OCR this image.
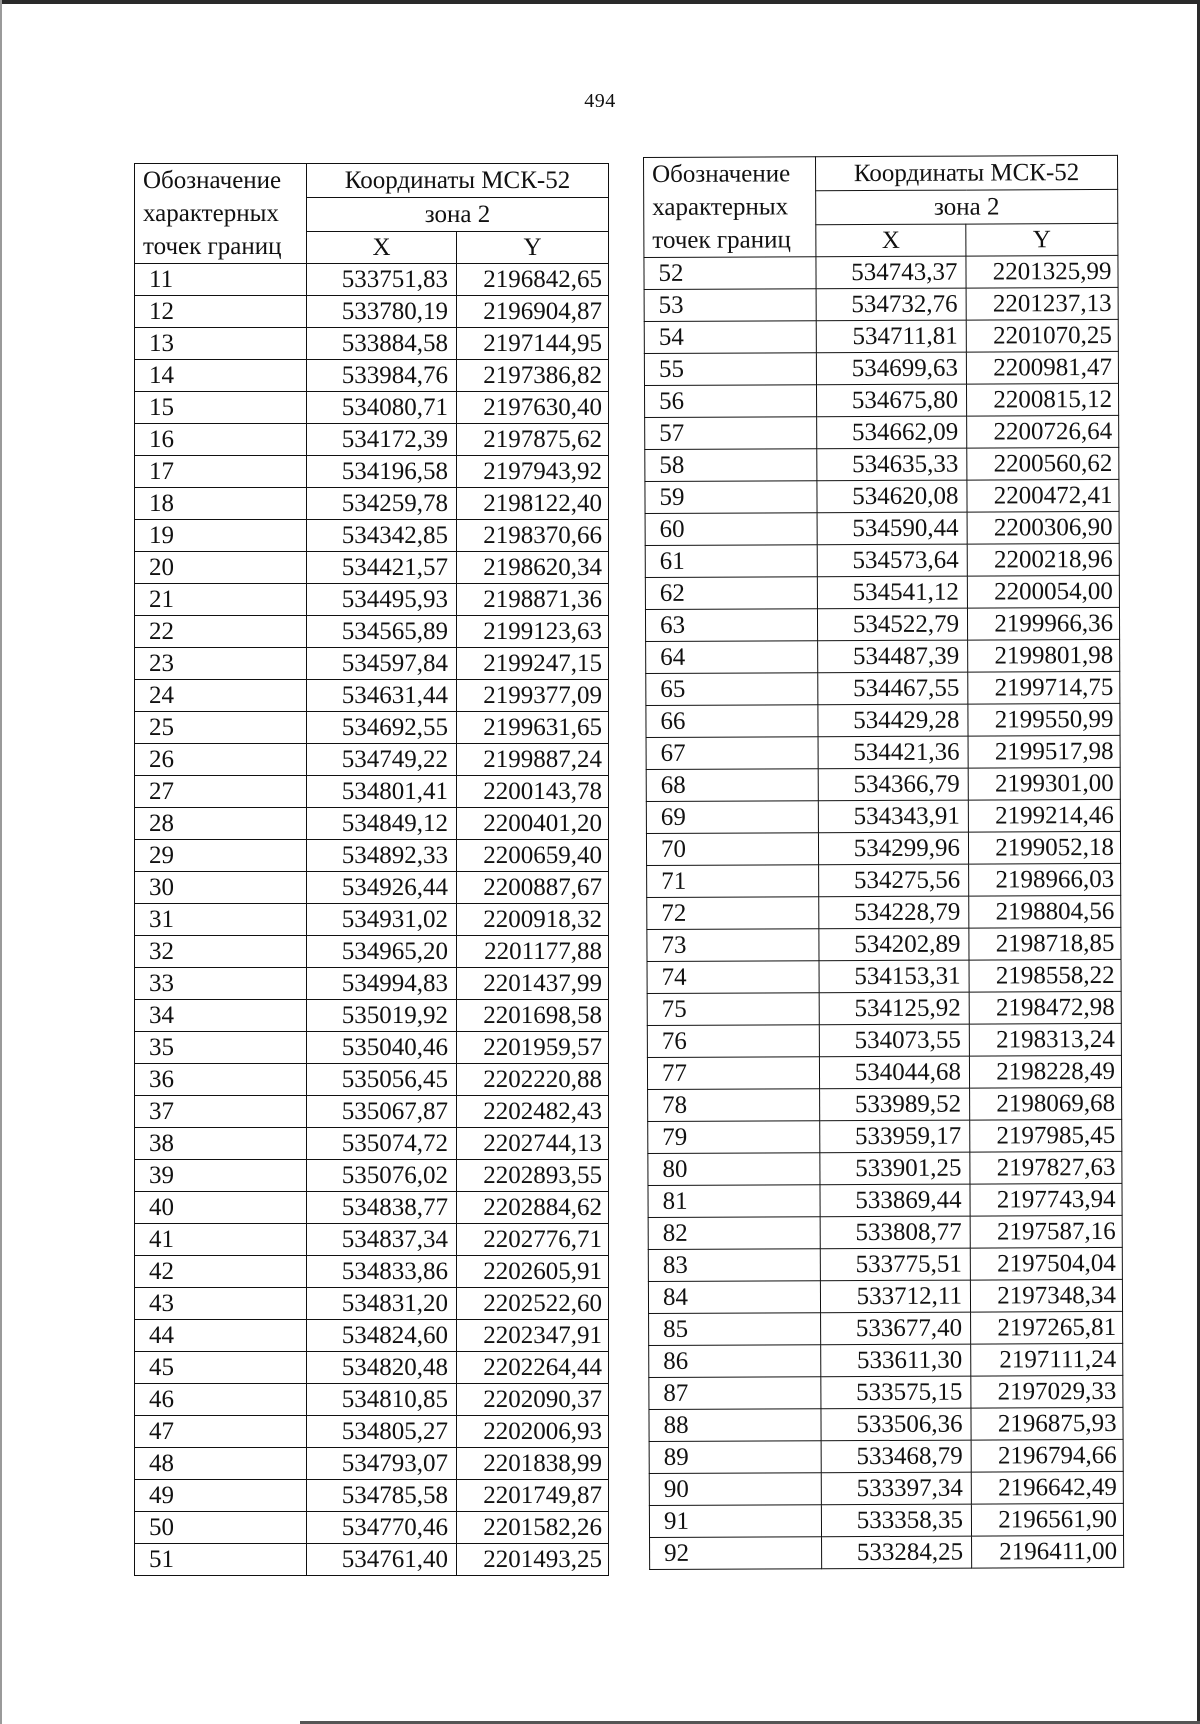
494
Обозначение
характерных
точек границ	Координаты МСК-52	
	зона 2	
	X	Y
11	533751,83	2196842,65
12	533780,19	2196904,87
13	533884,58	2197144,95
14	533984,76	2197386,82
15	534080,71	2197630,40
16	534172,39	2197875,62
17	534196,58	2197943,92
18	534259,78	2198122,40
19	534342,85	2198370,66
20	534421,57	2198620,34
21	534495,93	2198871,36
22	534565,89	2199123,63
23	534597,84	2199247,15
24	534631,44	2199377,09
25	534692,55	2199631,65
26	534749,22	2199887,24
27	534801,41	2200143,78
28	534849,12	2200401,20
29	534892,33	2200659,40
30	534926,44	2200887,67
31	534931,02	2200918,32
32	534965,20	2201177,88
33	534994,83	2201437,99
34	535019,92	2201698,58
35	535040,46	2201959,57
36	535056,45	2202220,88
37	535067,87	2202482,43
38	535074,72	2202744,13
39	535076,02	2202893,55
40	534838,77	2202884,62
41	534837,34	2202776,71
42	534833,86	2202605,91
43	534831,20	2202522,60
44	534824,60	2202347,91
45	534820,48	2202264,44
46	534810,85	2202090,37
47	534805,27	2202006,93
48	534793,07	2201838,99
49	534785,58	2201749,87
50	534770,46	2201582,26
51	534761,40	2201493,25
Обозначение
характерных
точек границ	Координаты МСК-52	
	зона 2	
	X	Y
52	534743,37	2201325,99
53	534732,76	2201237,13
54	534711,81	2201070,25
55	534699,63	2200981,47
56	534675,80	2200815,12
57	534662,09	2200726,64
58	534635,33	2200560,62
59	534620,08	2200472,41
60	534590,44	2200306,90
61	534573,64	2200218,96
62	534541,12	2200054,00
63	534522,79	2199966,36
64	534487,39	2199801,98
65	534467,55	2199714,75
66	534429,28	2199550,99
67	534421,36	2199517,98
68	534366,79	2199301,00
69	534343,91	2199214,46
70	534299,96	2199052,18
71	534275,56	2198966,03
72	534228,79	2198804,56
73	534202,89	2198718,85
74	534153,31	2198558,22
75	534125,92	2198472,98
76	534073,55	2198313,24
77	534044,68	2198228,49
78	533989,52	2198069,68
79	533959,17	2197985,45
80	533901,25	2197827,63
81	533869,44	2197743,94
82	533808,77	2197587,16
83	533775,51	2197504,04
84	533712,11	2197348,34
85	533677,40	2197265,81
86	533611,30	2197111,24
87	533575,15	2197029,33
88	533506,36	2196875,93
89	533468,79	2196794,66
90	533397,34	2196642,49
91	533358,35	2196561,90
92	533284,25	2196411,00
